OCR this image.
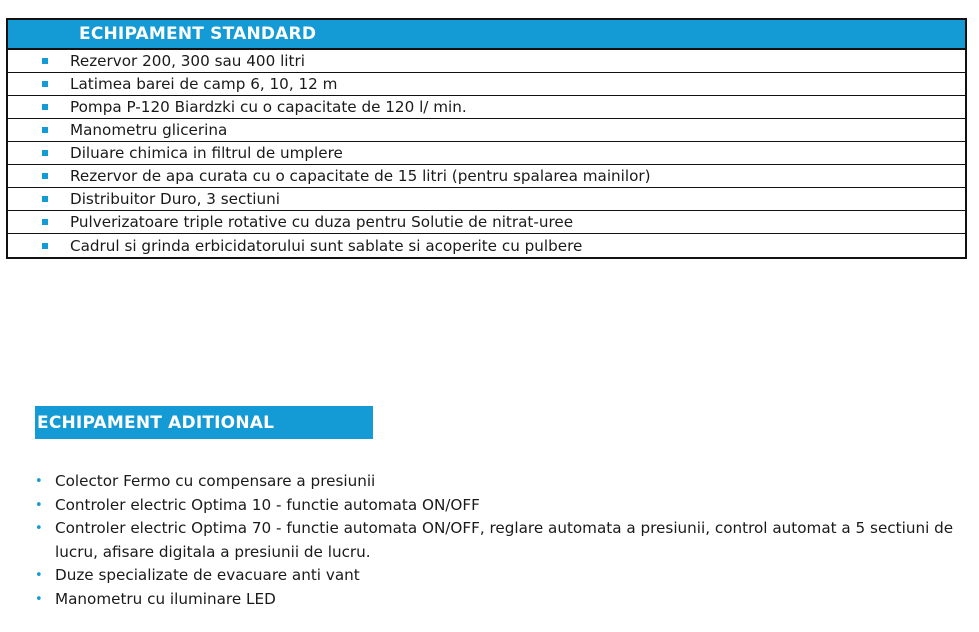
ECHIPAMENT STANDARD
Rezervor 200, 300 sau 400 litri
Latimea barei de camp 6, 10, 12 m
Pompa P-120 Biardzki cu o capacitate de 120 l/ min.
Manometru glicerina
Diluare chimica in filtrul de umplere
Rezervor de apa curata cu o capacitate de 15 litri (pentru spalarea mainilor)
Distribuitor Duro, 3 sectiuni
Pulverizatoare triple rotative cu duza pentru Solutie de nitrat-uree
Cadrul si grinda erbicidatorului sunt sablate si acoperite cu pulbere
ECHIPAMENT ADITIONAL
• Colector Fermo cu compensare a presiunii
• Controler electric Optima 10 - functie automata ON/OFF
• Controler electric Optima 70 - functie automata ON/OFF, reglare automata a presiunii, control automat a 5 sectiuni de lucru, afisare digitala a presiunii de lucru.
• Duze specializate de evacuare anti vant
• Manometru cu iluminare LED
